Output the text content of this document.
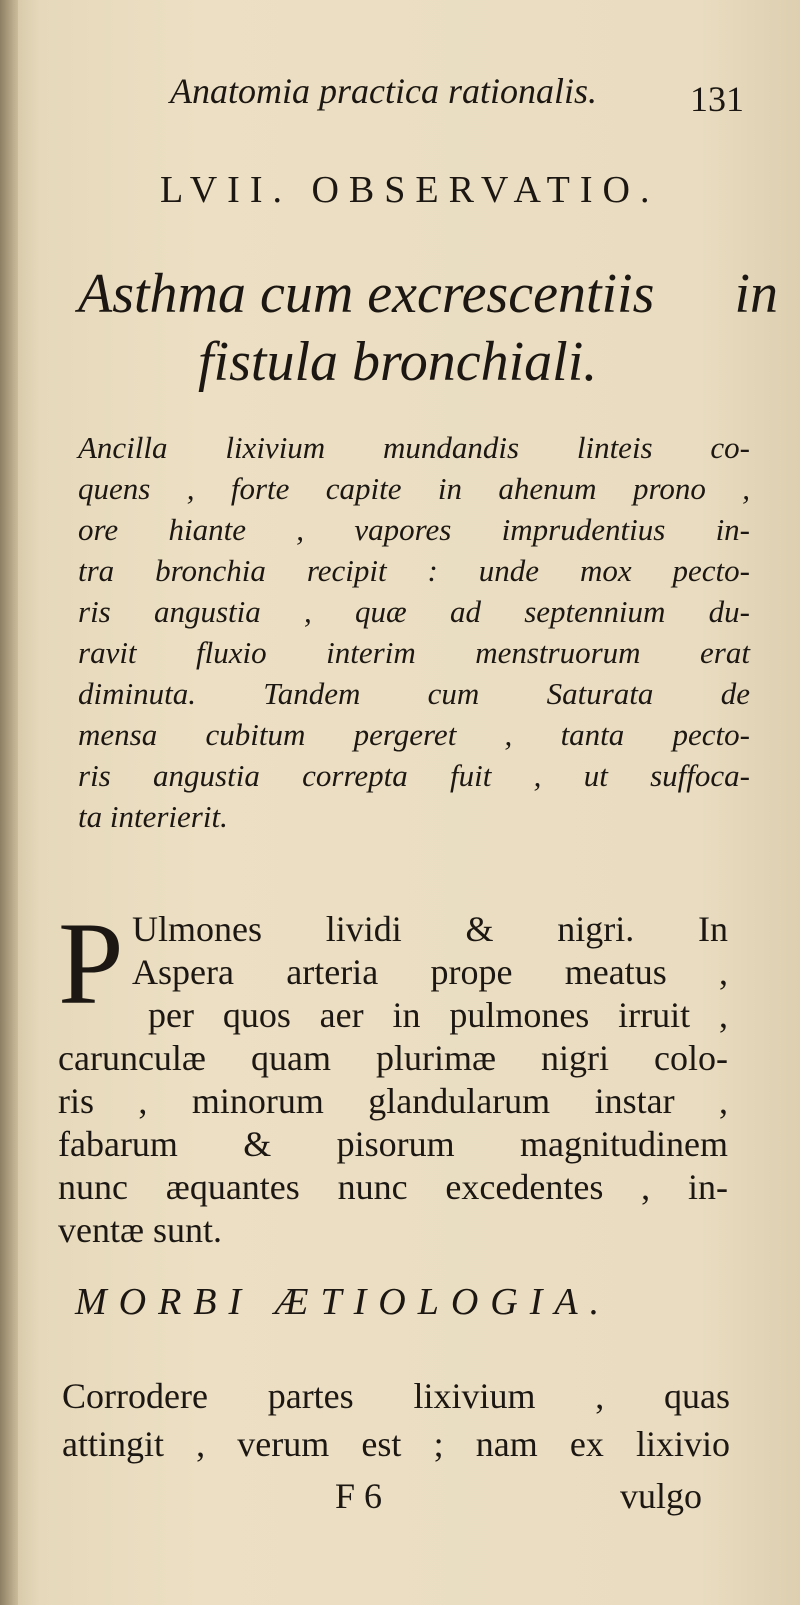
Anatomia practica rationalis.	131
LVII. OBSERVATIO.
Asthma cum excrescentiis in
fistula bronchiali.
Ancilla lixivium mundandis linteis co-
quens , forte capite in ahenum prono ,
ore hiante , vapores imprudentius in-
tra bronchia recipit : unde mox pecto-
ris angustia , quæ ad septennium du-
ravit fluxio interim menstruorum erat
diminuta. Tandem cum Saturata de
mensa cubitum pergeret , tanta pecto-
ris angustia correpta fuit , ut suffoca-
ta interierit.
P Ulmones lividi & nigri. In
Aspera arteria prope meatus ,
per quos aer in pulmones irruit ,
carunculæ quam plurimæ nigri colo-
ris , minorum glandularum instar ,
fabarum & pisorum magnitudinem
nunc æquantes nunc excedentes , in-
ventæ sunt.
MORBI ÆTIOLOGIA.
Corrodere partes lixivium , quas
attingit , verum est ; nam ex lixivio
F 6	vulgo
